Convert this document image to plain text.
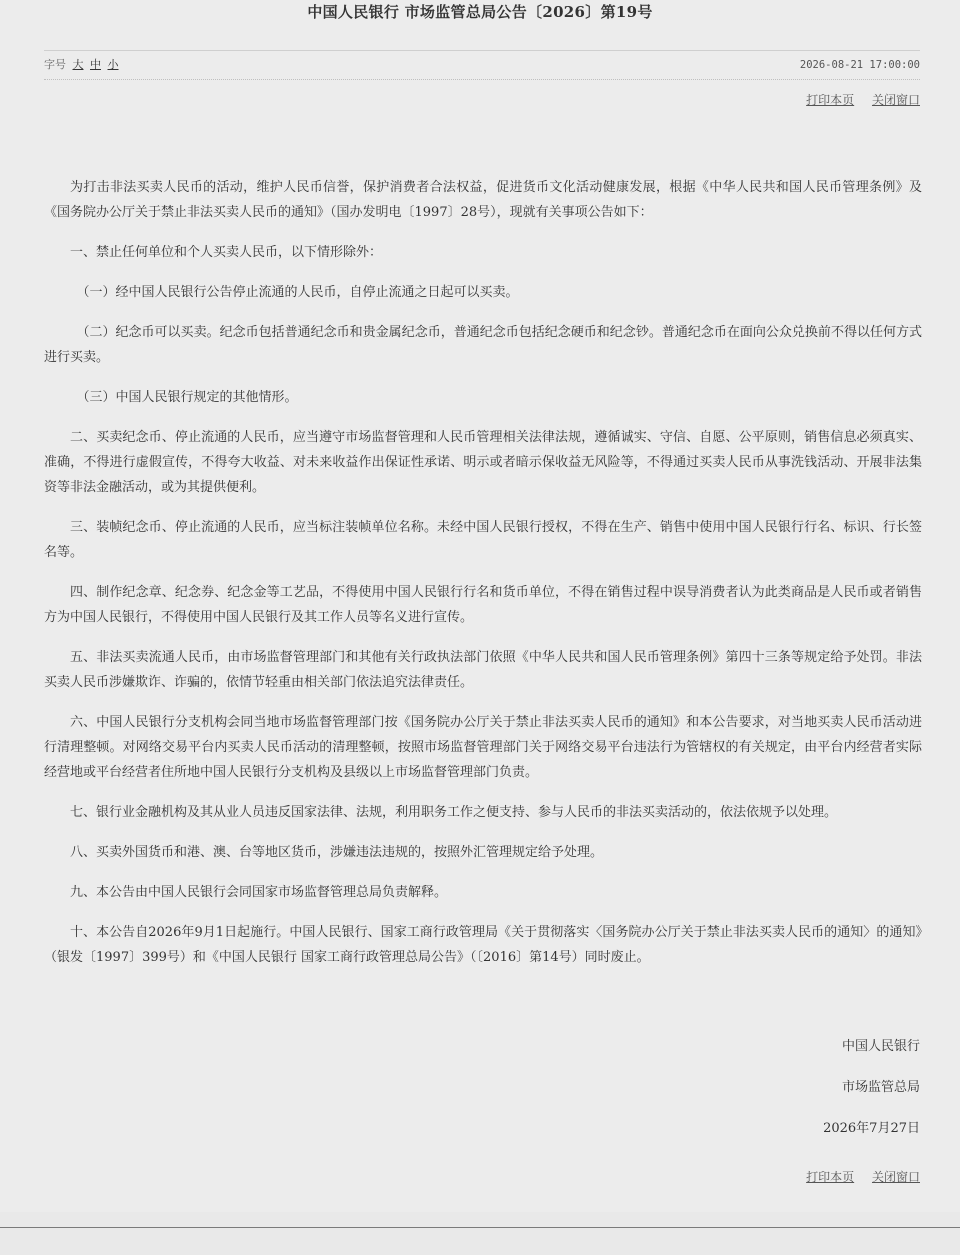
中国人民银行 市场监管总局公告〔2026〕第19号
字号 大 中 小	2026-08-21 17:00:00
打印本页 关闭窗口

为打击非法买卖人民币的活动，维护人民币信誉，保护消费者合法权益，促进货币文化活动健康发展，根据《中华人民共和国人民币管理条例》及《国务院办公厅关于禁止非法买卖人民币的通知》（国办发明电〔1997〕28号），现就有关事项公告如下：

一、禁止任何单位和个人买卖人民币，以下情形除外：

（一）经中国人民银行公告停止流通的人民币，自停止流通之日起可以买卖。

（二）纪念币可以买卖。纪念币包括普通纪念币和贵金属纪念币，普通纪念币包括纪念硬币和纪念钞。普通纪念币在面向公众兑换前不得以任何方式进行买卖。

（三）中国人民银行规定的其他情形。

二、买卖纪念币、停止流通的人民币，应当遵守市场监督管理和人民币管理相关法律法规，遵循诚实、守信、自愿、公平原则，销售信息必须真实、准确，不得进行虚假宣传，不得夸大收益、对未来收益作出保证性承诺、明示或者暗示保收益无风险等，不得通过买卖人民币从事洗钱活动、开展非法集资等非法金融活动，或为其提供便利。

三、装帧纪念币、停止流通的人民币，应当标注装帧单位名称。未经中国人民银行授权，不得在生产、销售中使用中国人民银行行名、标识、行长签名等。

四、制作纪念章、纪念券、纪念金等工艺品，不得使用中国人民银行行名和货币单位，不得在销售过程中误导消费者认为此类商品是人民币或者销售方为中国人民银行，不得使用中国人民银行及其工作人员等名义进行宣传。

五、非法买卖流通人民币，由市场监督管理部门和其他有关行政执法部门依照《中华人民共和国人民币管理条例》第四十三条等规定给予处罚。非法买卖人民币涉嫌欺诈、诈骗的，依情节轻重由相关部门依法追究法律责任。

六、中国人民银行分支机构会同当地市场监督管理部门按《国务院办公厅关于禁止非法买卖人民币的通知》和本公告要求，对当地买卖人民币活动进行清理整顿。对网络交易平台内买卖人民币活动的清理整顿，按照市场监督管理部门关于网络交易平台违法行为管辖权的有关规定，由平台内经营者实际经营地或平台经营者住所地中国人民银行分支机构及县级以上市场监督管理部门负责。

七、银行业金融机构及其从业人员违反国家法律、法规，利用职务工作之便支持、参与人民币的非法买卖活动的，依法依规予以处理。

八、买卖外国货币和港、澳、台等地区货币，涉嫌违法违规的，按照外汇管理规定给予处理。

九、本公告由中国人民银行会同国家市场监督管理总局负责解释。

十、本公告自2026年9月1日起施行。中国人民银行、国家工商行政管理局《关于贯彻落实〈国务院办公厅关于禁止非法买卖人民币的通知〉的通知》（银发〔1997〕399号）和《中国人民银行 国家工商行政管理总局公告》（〔2016〕第14号）同时废止。

中国人民银行
市场监管总局
2026年7月27日
打印本页 关闭窗口
